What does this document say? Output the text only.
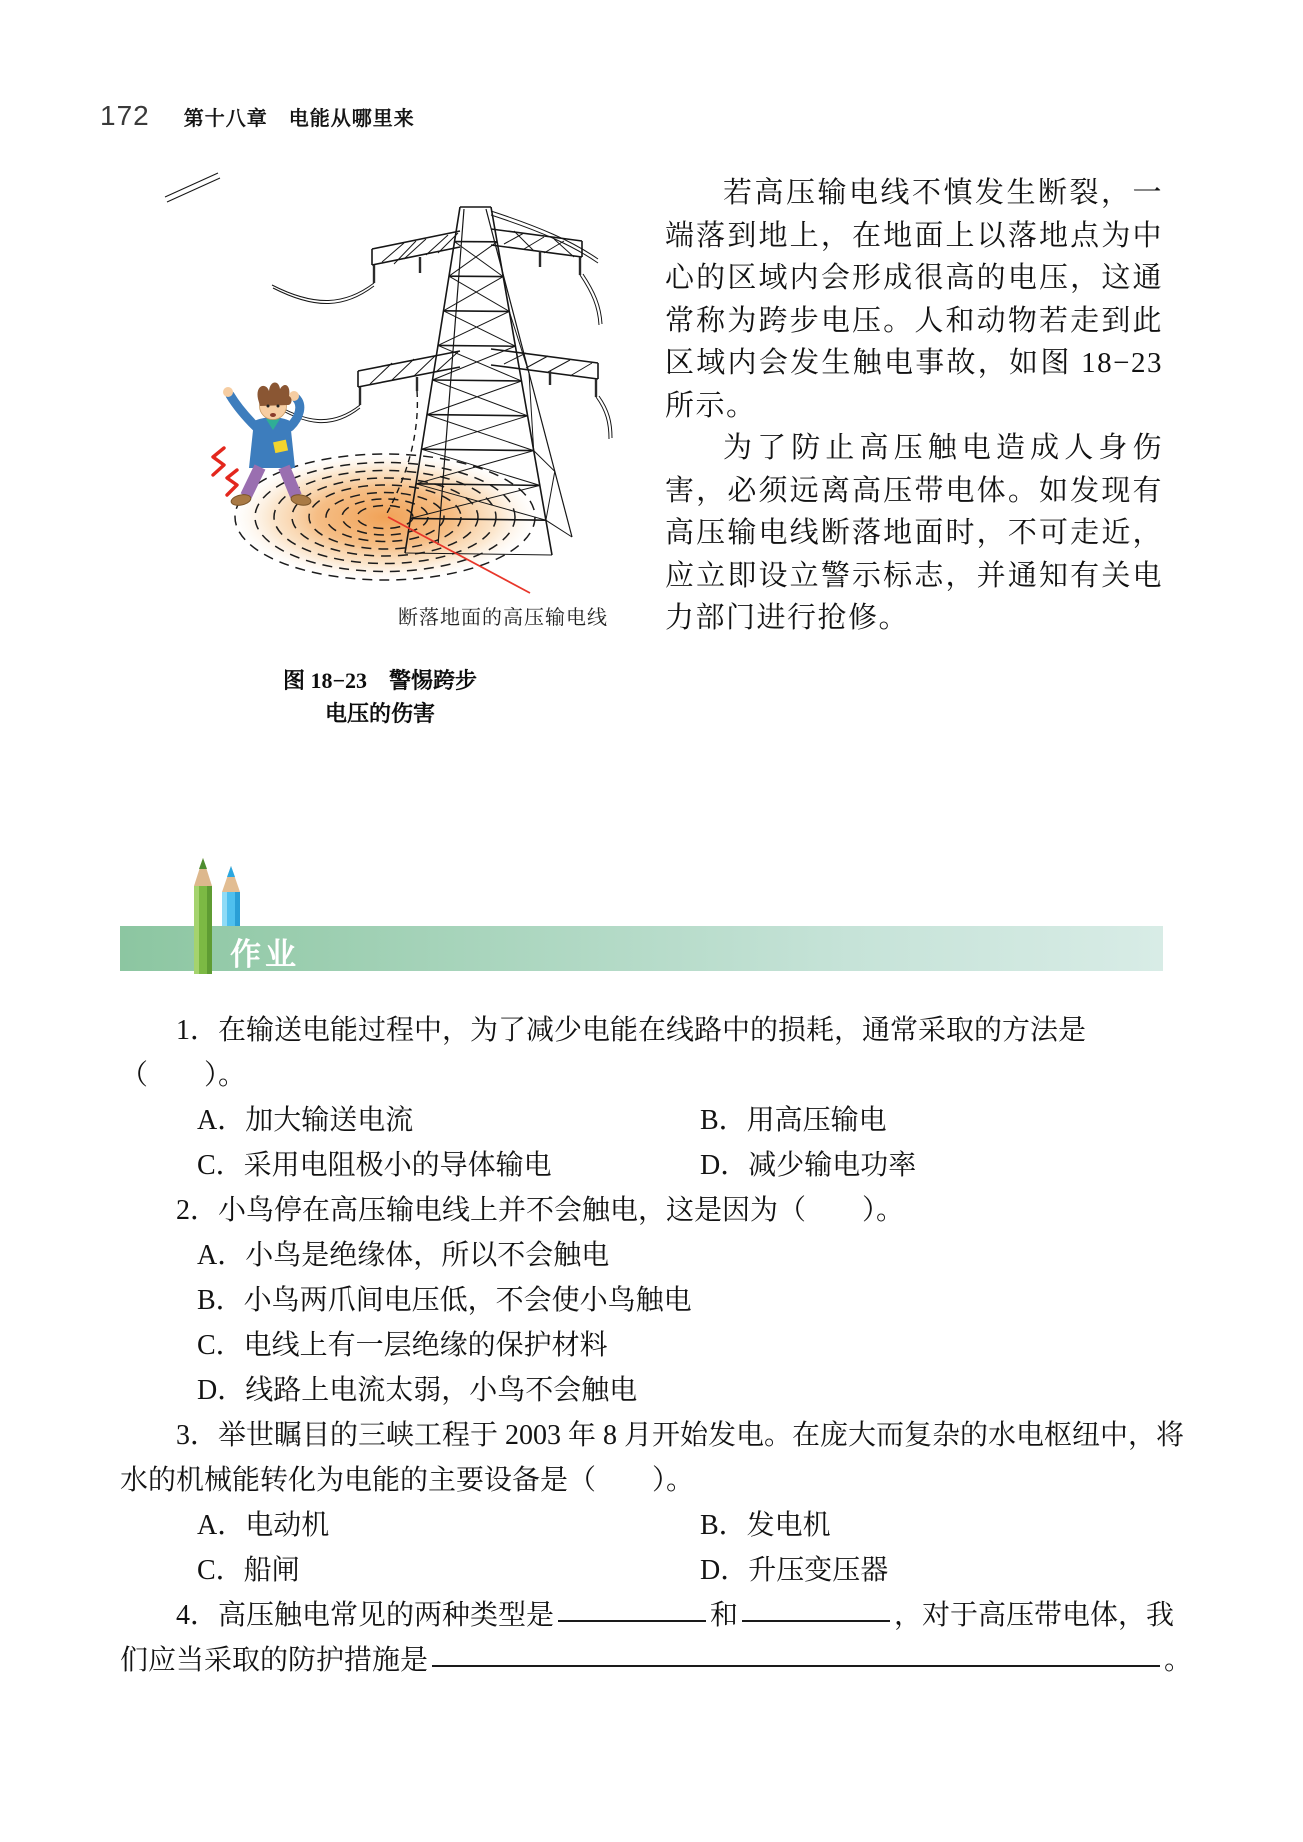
172 第十八章　电能从哪里来
断落地面的高压输电线
图 18−23　警惕跨步
电压的伤害

若高压输电线不慎发生断裂，一端落到地上，在地面上以落地点为中心的区域内会形成很高的电压，这通常称为跨步电压。人和动物若走到此区域内会发生触电事故，如图 18−23 所示。

为了防止高压触电造成人身伤害，必须远离高压带电体。如发现有高压输电线断落地面时，不可走近，应立即设立警示标志，并通知有关电力部门进行抢修。

作业
1．在输送电能过程中，为了减少电能在线路中的损耗，通常采取的方法是（　　）。
A．加大输送电流	B．用高压输电
C．采用电阻极小的导体输电	D．减少输电功率
2．小鸟停在高压输电线上并不会触电，这是因为（　　）。
A．小鸟是绝缘体，所以不会触电
B．小鸟两爪间电压低，不会使小鸟触电
C．电线上有一层绝缘的保护材料
D．线路上电流太弱，小鸟不会触电
3．举世瞩目的三峡工程于 2003 年 8 月开始发电。在庞大而复杂的水电枢纽中，将水的机械能转化为电能的主要设备是（　　）。
A．电动机	B．发电机
C．船闸	D．升压变压器
4．高压触电常见的两种类型是	和	，对于高压带电体，我
们应当采取的防护措施是	。
